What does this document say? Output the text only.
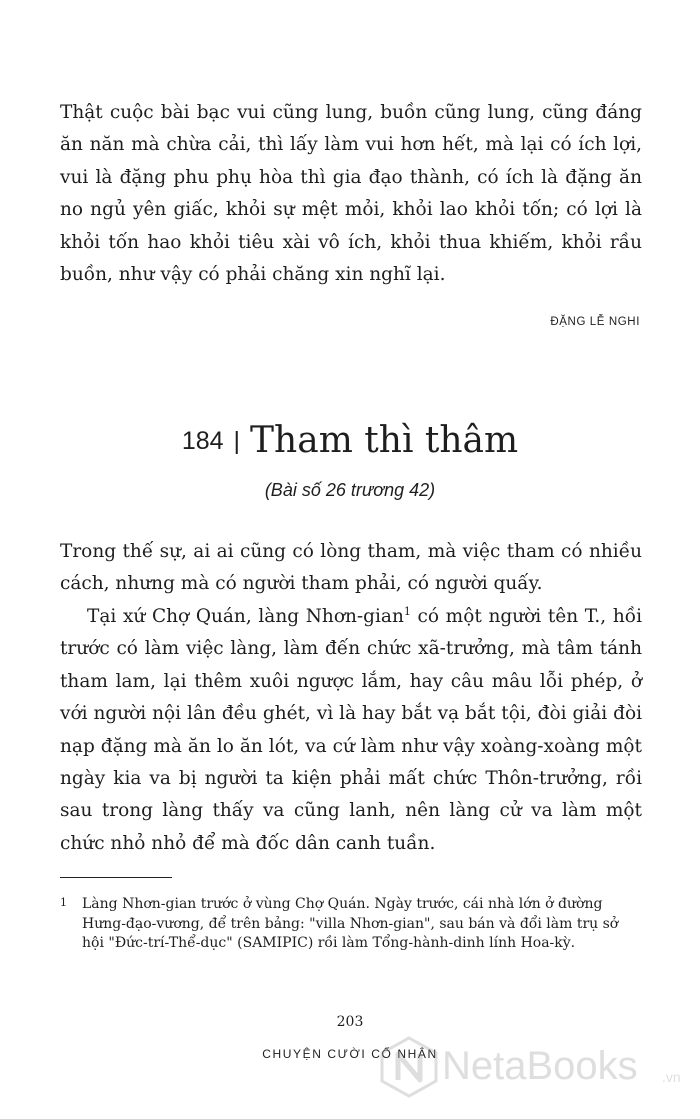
Thật cuộc bài bạc vui cũng lung, buồn cũng lung, cũng đáng ăn năn mà chừa cải, thì lấy làm vui hơn hết, mà lại có ích lợi, vui là đặng phu phụ hòa thì gia đạo thành, có ích là đặng ăn no ngủ yên giấc, khỏi sự mệt mỏi, khỏi lao khỏi tốn; có lợi là khỏi tốn hao khỏi tiêu xài vô ích, khỏi thua khiếm, khỏi rầu buồn, như vậy có phải chăng xin nghĩ lại.

ĐẶNG LỄ NGHI

184 | Tham thì thâm

(Bài số 26 trương 42)

Trong thế sự, ai ai cũng có lòng tham, mà việc tham có nhiều cách, nhưng mà có người tham phải, có người quấy.

Tại xứ Chợ Quán, làng Nhơn-gian$^1$ có một người tên T., hồi trước có làm việc làng, làm đến chức xã-trưởng, mà tâm tánh tham lam, lại thêm xuôi ngược lắm, hay câu mâu lỗi phép, ở với người nội lân đều ghét, vì là hay bắt vạ bắt tội, đòi giải đòi nạp đặng mà ăn lo ăn lót, va cứ làm như vậy xoàng-xoàng một ngày kia va bị người ta kiện phải mất chức Thôn-trưởng, rồi sau trong làng thấy va cũng lanh, nên làng cử va làm một chức nhỏ nhỏ để mà đốc dân canh tuần.

1 Làng Nhơn-gian trước ở vùng Chợ Quán. Ngày trước, cái nhà lớn ở đường Hưng-đạo-vương, để trên bảng: "villa Nhơn-gian", sau bán và đổi làm trụ sở hội "Đức-trí-Thể-dục" (SAMIPIC) rồi làm Tổng-hành-dinh lính Hoa-kỳ.

203

CHUYỆN CƯỜI CỔ NHÂN NetaBooks .vn
